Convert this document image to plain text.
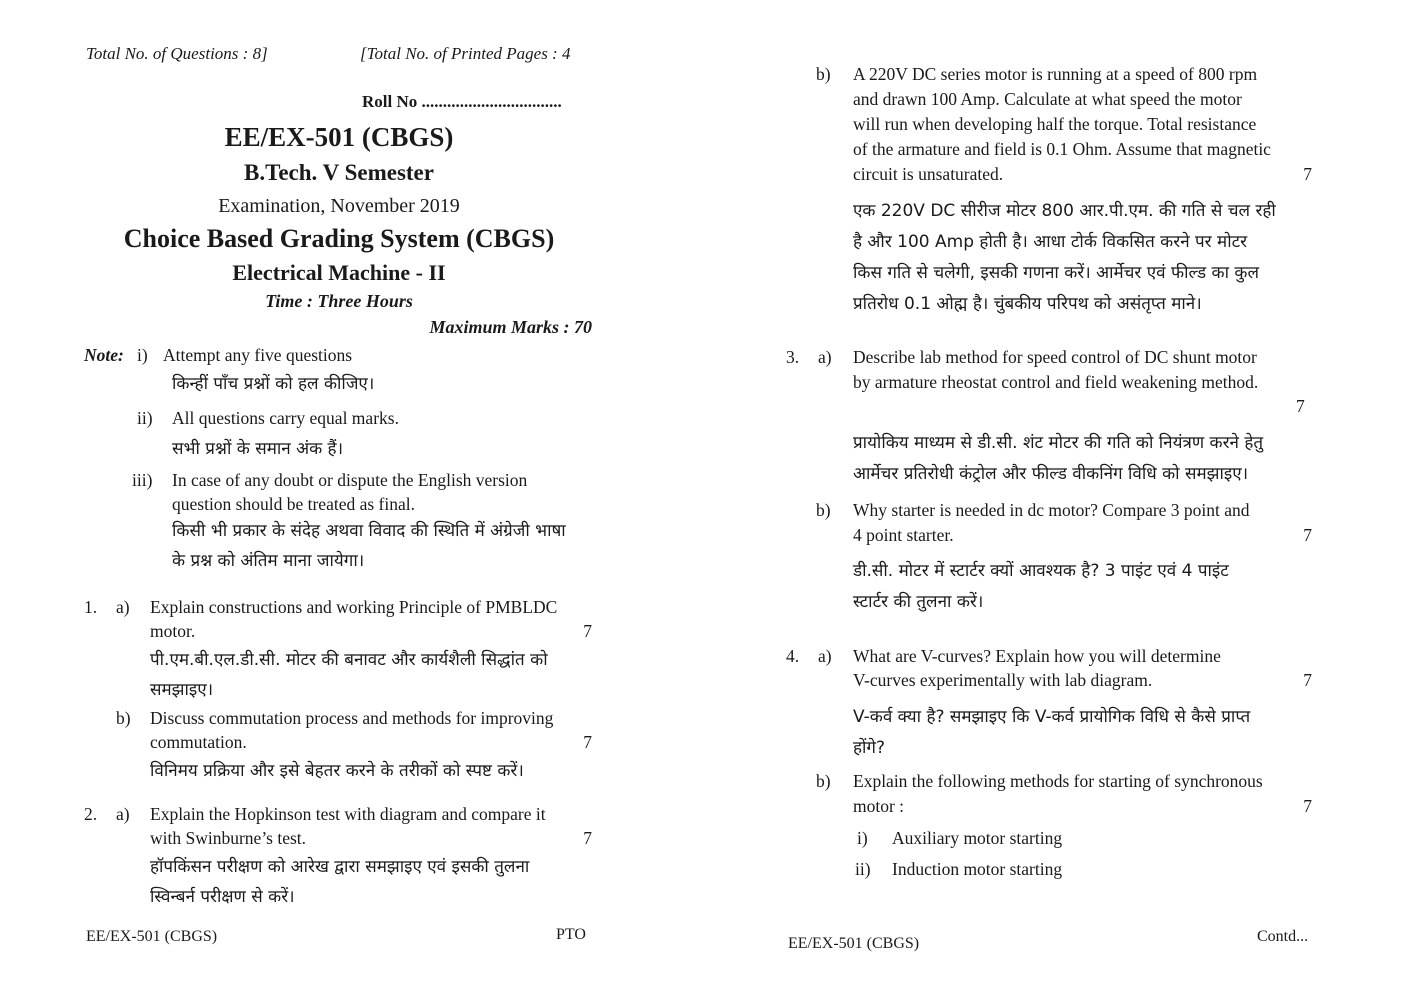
Total No. of Questions : 8]	[Total No. of Printed Pages : 4
Roll No .................................
EE/EX-501 (CBGS)
B.Tech. V Semester
Examination, November 2019
Choice Based Grading System (CBGS)
Electrical Machine - II
Time : Three Hours
Maximum Marks : 70
Note: i) Attempt any five questions
किन्हीं पाँच प्रश्नों को हल कीजिए।
ii) All questions carry equal marks.
सभी प्रश्नों के समान अंक हैं।
iii) In case of any doubt or dispute the English version
question should be treated as final.
किसी भी प्रकार के संदेह अथवा विवाद की स्थिति में अंग्रेजी भाषा
के प्रश्न को अंतिम माना जायेगा।
1. a) Explain constructions and working Principle of PMBLDC
motor.	7
पी.एम.बी.एल.डी.सी. मोटर की बनावट और कार्यशैली सिद्धांत को
समझाइए।
b) Discuss commutation process and methods for improving
commutation.	7
विनिमय प्रक्रिया और इसे बेहतर करने के तरीकों को स्पष्ट करें।
2. a) Explain the Hopkinson test with diagram and compare it
with Swinburne’s test.	7
हॉपकिंसन परीक्षण को आरेख द्वारा समझाइए एवं इसकी तुलना
स्विन्बर्न परीक्षण से करें।
EE/EX-501 (CBGS)	PTO
b) A 220V DC series motor is running at a speed of 800 rpm
and drawn 100 Amp. Calculate at what speed the motor
will run when developing half the torque. Total resistance
of the armature and field is 0.1 Ohm. Assume that magnetic
circuit is unsaturated.	7
एक 220V DC सीरीज मोटर 800 आर.पी.एम. की गति से चल रही
है और 100 Amp होती है। आधा टोर्क विकसित करने पर मोटर
किस गति से चलेगी, इसकी गणना करें। आर्मेचर एवं फील्ड का कुल
प्रतिरोध 0.1 ओह्म है। चुंबकीय परिपथ को असंतृप्त माने।
3. a) Describe lab method for speed control of DC shunt motor
by armature rheostat control and field weakening method.
7
प्रायोकिय माध्यम से डी.सी. शंट मोटर की गति को नियंत्रण करने हेतु
आर्मेचर प्रतिरोधी कंट्रोल और फील्ड वीकनिंग विधि को समझाइए।
b) Why starter is needed in dc motor? Compare 3 point and
4 point starter.	7
डी.सी. मोटर में स्टार्टर क्यों आवश्यक है? 3 पाइंट एवं 4 पाइंट
स्टार्टर की तुलना करें।
4. a) What are V-curves? Explain how you will determine
V-curves experimentally with lab diagram.	7
V-कर्व क्या है? समझाइए कि V-कर्व प्रायोगिक विधि से कैसे प्राप्त
होंगे?
b) Explain the following methods for starting of synchronous
motor :	7
i) Auxiliary motor starting
ii) Induction motor starting
EE/EX-501 (CBGS)	Contd...
